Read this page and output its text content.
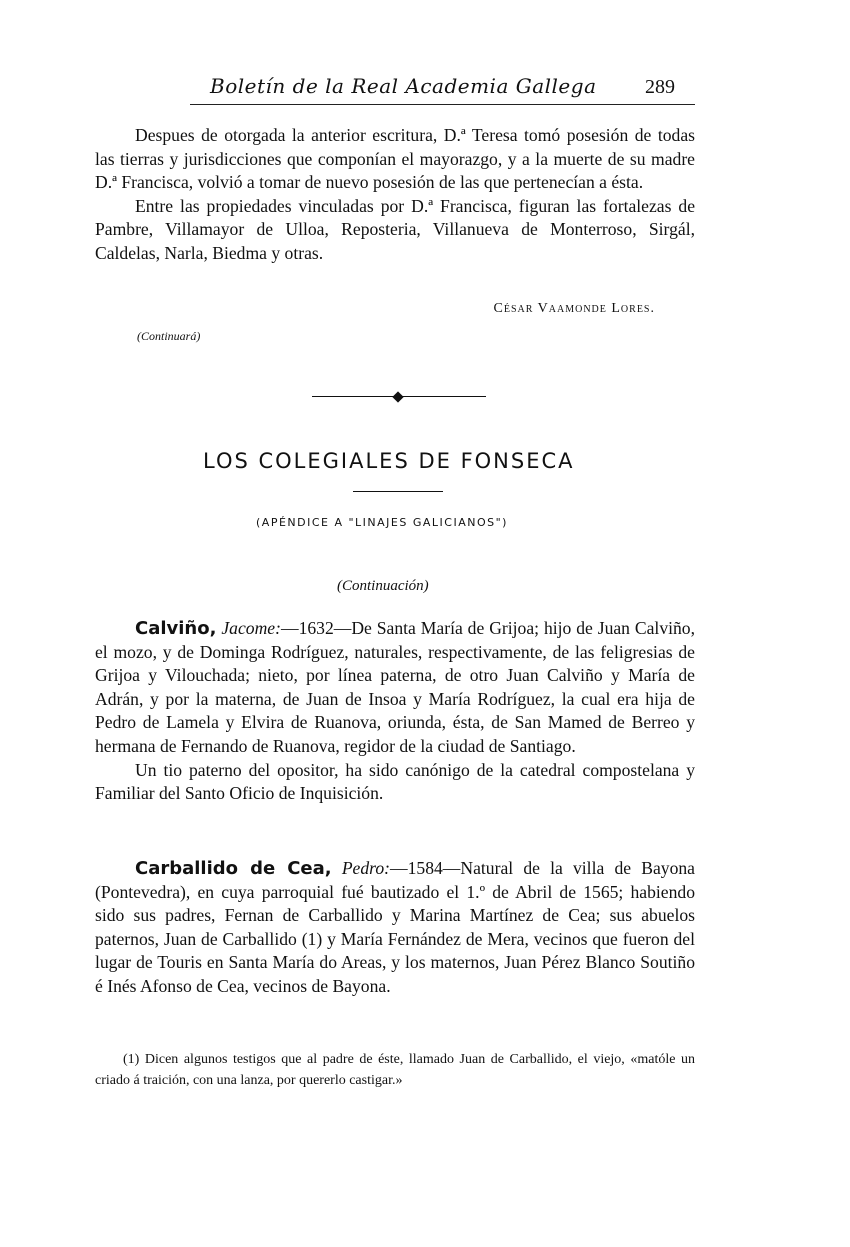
Boletín de la Real Academia Gallega 289

Despues de otorgada la anterior escritura, D.ª Teresa tomó posesión de todas las tierras y jurisdicciones que componían el mayorazgo, y a la muerte de su madre D.ª Francisca, volvió a tomar de nuevo posesión de las que pertenecían a ésta.

Entre las propiedades vinculadas por D.ª Francisca, figuran las fortalezas de Pambre, Villamayor de Ulloa, Reposteria, Villanueva de Monterroso, Sirgál, Caldelas, Narla, Biedma y otras.

César Vaamonde Lores.
(Continuará)
LOS COLEGIALES DE FONSECA
(APÉNDICE A "LINAJES GALICIANOS")
(Continuación)

Calviño, Jacome:—1632—De Santa María de Grijoa; hijo de Juan Calviño, el mozo, y de Dominga Rodríguez, naturales, respectivamente, de las feligresias de Grijoa y Vilouchada; nieto, por línea paterna, de otro Juan Calviño y María de Adrán, y por la materna, de Juan de Insoa y María Rodríguez, la cual era hija de Pedro de Lamela y Elvira de Ruanova, oriunda, ésta, de San Mamed de Berreo y hermana de Fernando de Ruanova, regidor de la ciudad de Santiago.

Un tio paterno del opositor, ha sido canónigo de la catedral compostelana y Familiar del Santo Oficio de Inquisición.

Carballido de Cea, Pedro:—1584—Natural de la villa de Bayona (Pontevedra), en cuya parroquial fué bautizado el 1.º de Abril de 1565; habiendo sido sus padres, Fernan de Carballido y Marina Martínez de Cea; sus abuelos paternos, Juan de Carballido (1) y María Fernández de Mera, vecinos que fueron del lugar de Touris en Santa María do Areas, y los maternos, Juan Pérez Blanco Soutiño é Inés Afonso de Cea, vecinos de Bayona.

(1) Dicen algunos testigos que al padre de éste, llamado Juan de Carballido, el viejo, «matóle un criado á traición, con una lanza, por quererlo castigar.»
